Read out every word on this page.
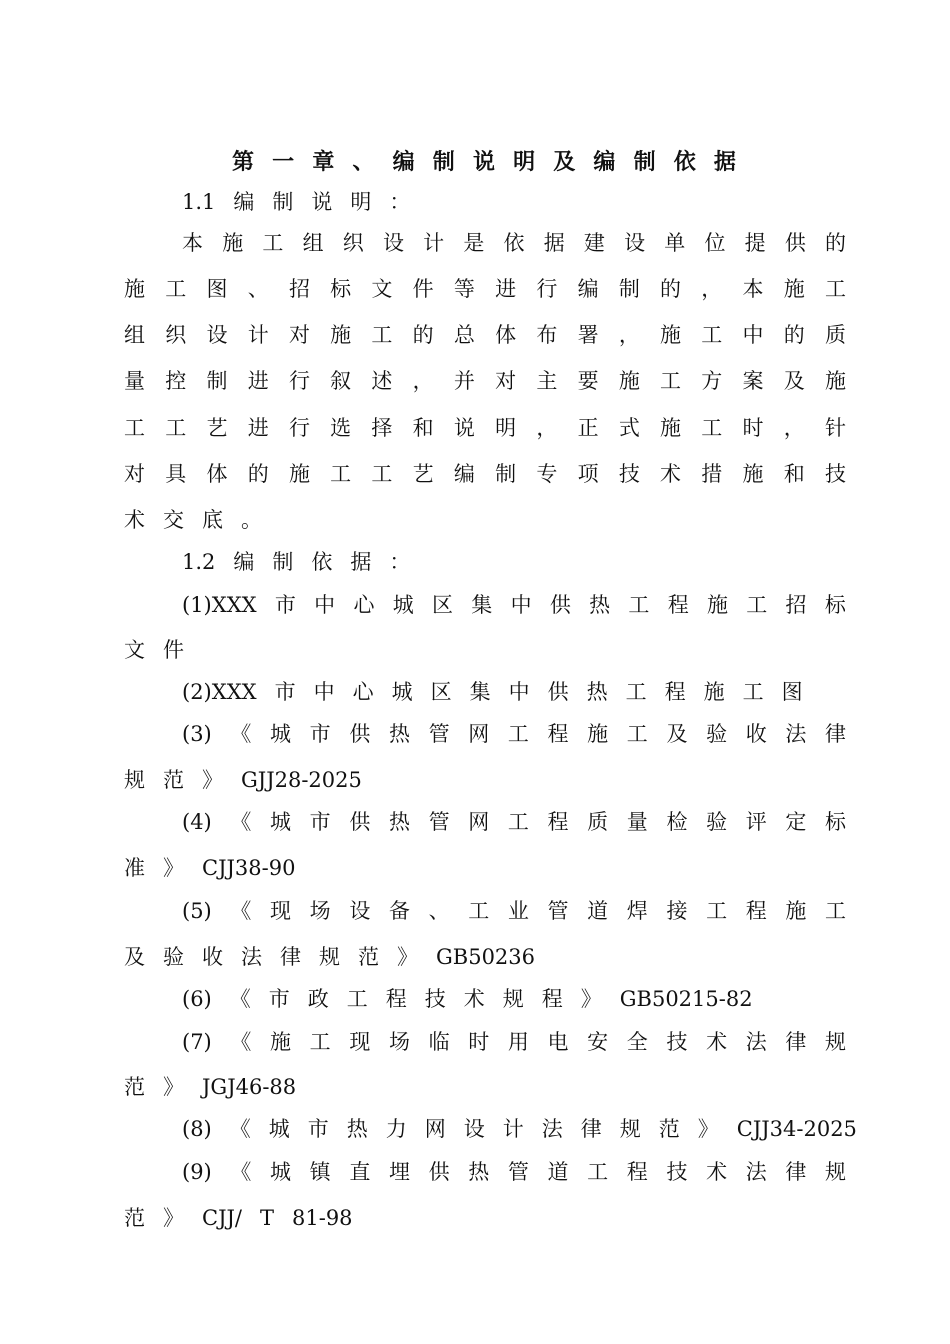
第 一 章 、 编 制 说 明 及 编 制 依 据
1.1 编 制 说 明 ：
本 施 工 组 织 设 计 是 依 据 建 设 单 位 提 供 的
施 工 图 、 招 标 文 件 等 进 行 编 制 的 ， 本 施 工
组 织 设 计 对 施 工 的 总 体 布 署 ， 施 工 中 的 质
量 控 制 进 行 叙 述 ， 并 对 主 要 施 工 方 案 及 施
工 工 艺 进 行 选 择 和 说 明 ， 正 式 施 工 时 ， 针
对 具 体 的 施 工 工 艺 编 制 专 项 技 术 措 施 和 技
术 交 底 。
1.2 编 制 依 据 ：
(1)XXX 市 中 心 城 区 集 中 供 热 工 程 施 工 招 标
文 件
(2)XXX 市 中 心 城 区 集 中 供 热 工 程 施 工 图
(3) 《 城 市 供 热 管 网 工 程 施 工 及 验 收 法 律
规 范 》 GJJ28-2025
(4) 《 城 市 供 热 管 网 工 程 质 量 检 验 评 定 标
准 》 CJJ38-90
(5) 《 现 场 设 备 、 工 业 管 道 焊 接 工 程 施 工
及 验 收 法 律 规 范 》 GB50236
(6) 《 市 政 工 程 技 术 规 程 》 GB50215-82
(7) 《 施 工 现 场 临 时 用 电 安 全 技 术 法 律 规
范 》 JGJ46-88
(8) 《 城 市 热 力 网 设 计 法 律 规 范 》 CJJ34-2025
(9) 《 城 镇 直 埋 供 热 管 道 工 程 技 术 法 律 规
范 》 CJJ/ T 81-98
